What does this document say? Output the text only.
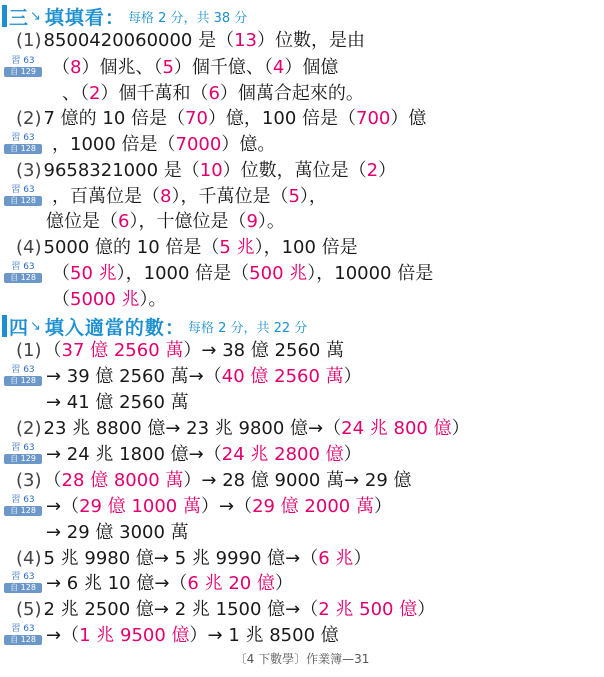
三 ↘ 填填看 ： 每格 2 分，共 38 分
四 ↘ 填入適當的數 ： 每格 2 分，共 22 分
習 63
自 129
習 63
自 128
習 63
自 128
習 63
自 128
習 63
自 128
習 63
自 129
習 63
自 128
習 63
自 128
習 63
自 128
(1) 8500420060000 是（13）位數，是由
（8）個兆、（5）個千億、（4）個億
、（2）個千萬和（6）個萬合起來的。
(2) 7 億的 10 倍是（70）億，100 倍是（700）億
，1000 倍是（7000）億。
(3) 9658321000 是（10）位數，萬位是（2）
，百萬位是（8），千萬位是（5），
億位是（6），十億位是（9）。
(4) 5000 億的 10 倍是（5 兆），100 倍是
（50 兆），1000 倍是（500 兆），10000 倍是
（5000 兆）。
(1) （37 億 2560 萬）→ 38 億 2560 萬
→ 39 億 2560 萬→（40 億 2560 萬）
→ 41 億 2560 萬
(2) 23 兆 8800 億→ 23 兆 9800 億→（24 兆 800 億）
→ 24 兆 1800 億→（24 兆 2800 億）
(3) （28 億 8000 萬）→ 28 億 9000 萬→ 29 億
→（29 億 1000 萬）→（29 億 2000 萬）
→ 29 億 3000 萬
(4) 5 兆 9980 億→ 5 兆 9990 億→（6 兆）
→ 6 兆 10 億→（6 兆 20 億）
(5) 2 兆 2500 億→ 2 兆 1500 億→（2 兆 500 億）
→（1 兆 9500 億）→ 1 兆 8500 億
〔4 下數學〕作業簿—31
